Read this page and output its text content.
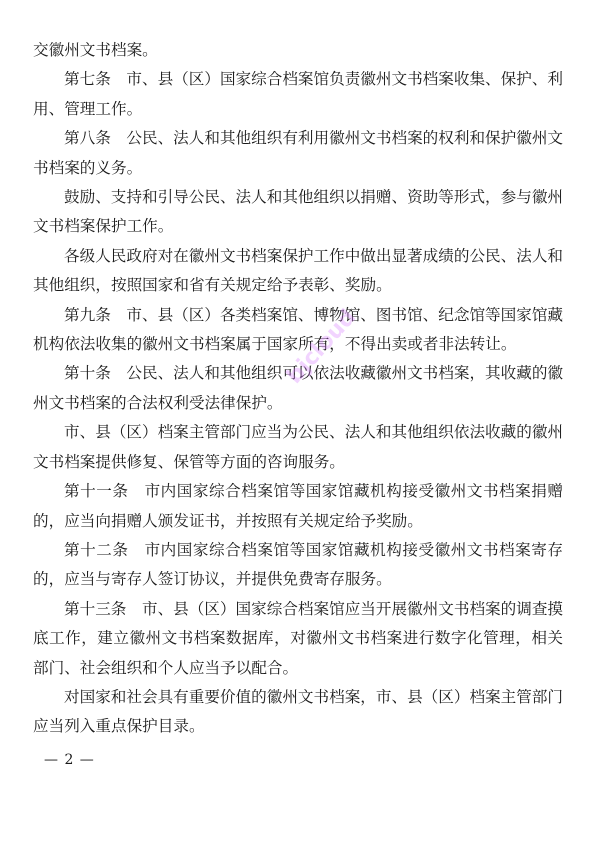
交徽州文书档案。

第七条　市、县（区）国家综合档案馆负责徽州文书档案收集、保护、利用、管理工作。

第八条　公民、法人和其他组织有利用徽州文书档案的权利和保护徽州文书档案的义务。

鼓励、支持和引导公民、法人和其他组织以捐赠、资助等形式，参与徽州文书档案保护工作。

各级人民政府对在徽州文书档案保护工作中做出显著成绩的公民、法人和其他组织，按照国家和省有关规定给予表彰、奖励。

第九条　市、县（区）各类档案馆、博物馆、图书馆、纪念馆等国家馆藏机构依法收集的徽州文书档案属于国家所有，不得出卖或者非法转让。

第十条　公民、法人和其他组织可以依法收藏徽州文书档案，其收藏的徽州文书档案的合法权利受法律保护。

市、县（区）档案主管部门应当为公民、法人和其他组织依法收藏的徽州文书档案提供修复、保管等方面的咨询服务。

第十一条　市内国家综合档案馆等国家馆藏机构接受徽州文书档案捐赠的，应当向捐赠人颁发证书，并按照有关规定给予奖励。

第十二条　市内国家综合档案馆等国家馆藏机构接受徽州文书档案寄存的，应当与寄存人签订协议，并提供免费寄存服务。

第十三条　市、县（区）国家综合档案馆应当开展徽州文书档案的调查摸底工作，建立徽州文书档案数据库，对徽州文书档案进行数字化管理，相关部门、社会组织和个人应当予以配合。

对国家和社会具有重要价值的徽州文书档案，市、县（区）档案主管部门应当列入重点保护目录。

— 2 —
bjcloud
